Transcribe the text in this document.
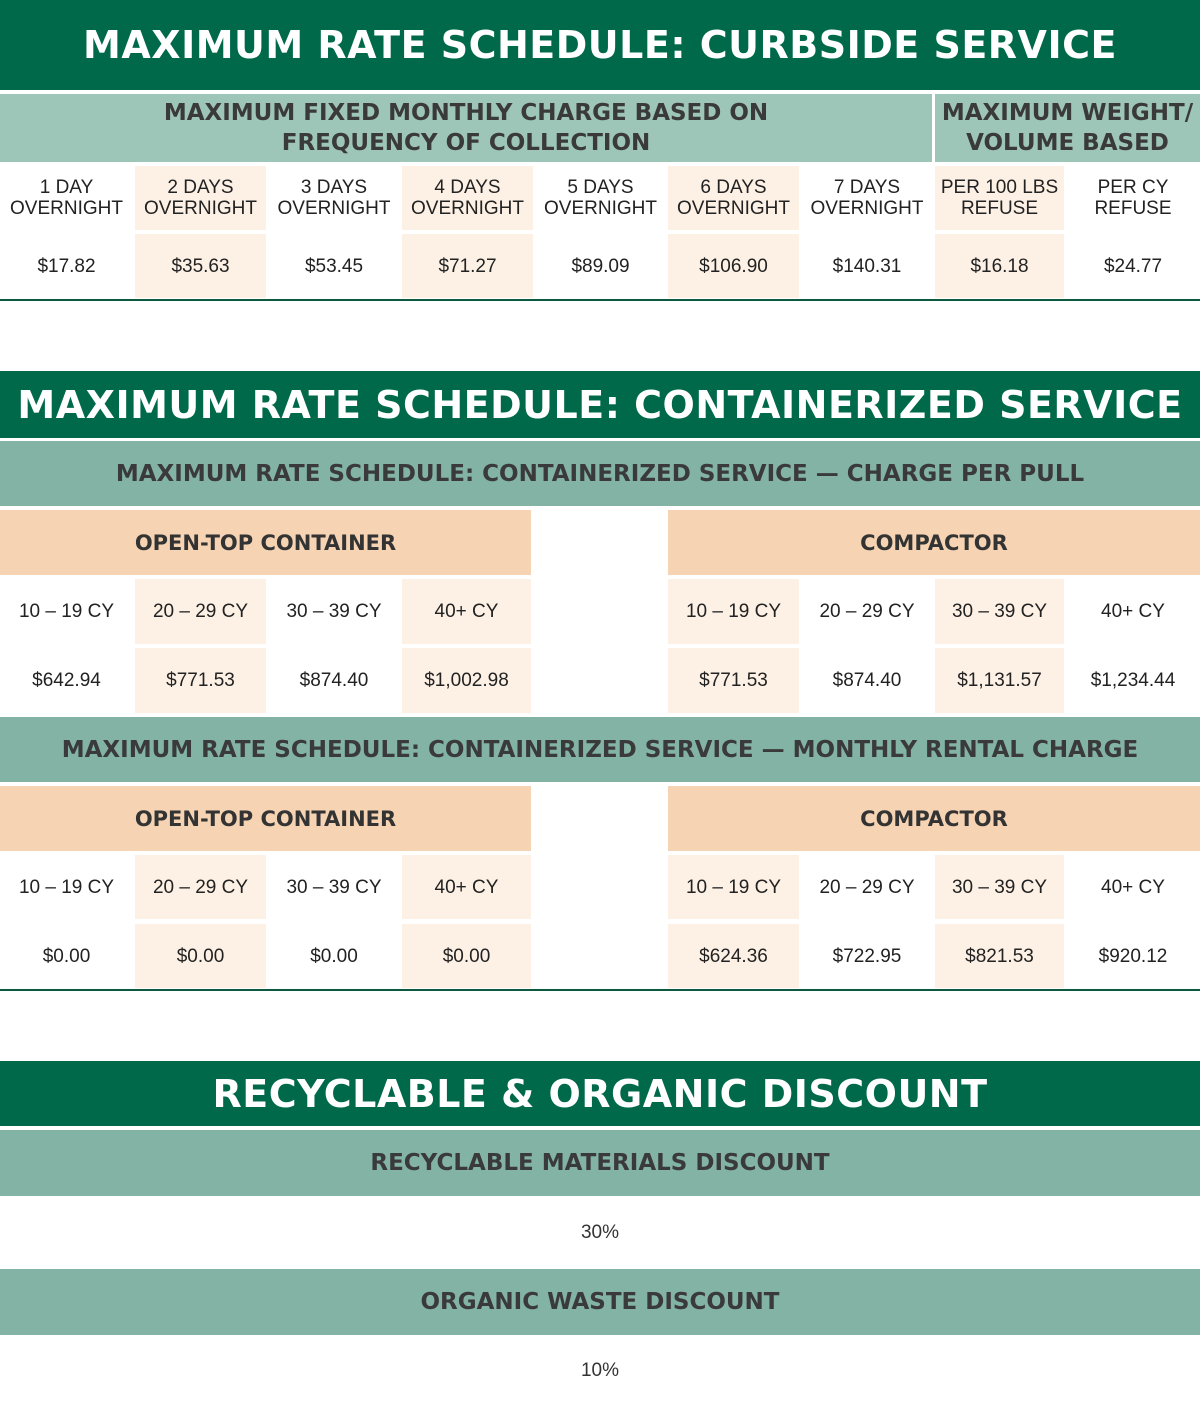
MAXIMUM RATE SCHEDULE: CURBSIDE SERVICE
MAXIMUM FIXED MONTHLY CHARGE BASED ON FREQUENCY OF COLLECTION
MAXIMUM WEIGHT/ VOLUME BASED
1 DAY OVERNIGHT
$17.82
2 DAYS OVERNIGHT
$35.63
3 DAYS OVERNIGHT
$53.45
4 DAYS OVERNIGHT
$71.27
5 DAYS OVERNIGHT
$89.09
6 DAYS OVERNIGHT
$106.90
7 DAYS OVERNIGHT
$140.31
PER 100 LBS REFUSE
$16.18
PER CY REFUSE
$24.77
MAXIMUM RATE SCHEDULE: CONTAINERIZED SERVICE
MAXIMUM RATE SCHEDULE: CONTAINERIZED SERVICE — CHARGE PER PULL
OPEN-TOP CONTAINER	COMPACTOR
10 – 19 CY
$642.94
20 – 29 CY
$771.53
30 – 39 CY
$874.40
40+ CY
$1,002.98
10 – 19 CY
$771.53
20 – 29 CY
$874.40
30 – 39 CY
$1,131.57
40+ CY
$1,234.44
MAXIMUM RATE SCHEDULE: CONTAINERIZED SERVICE — MONTHLY RENTAL CHARGE
OPEN-TOP CONTAINER	COMPACTOR
10 – 19 CY
$0.00
20 – 29 CY
$0.00
30 – 39 CY
$0.00
40+ CY
$0.00
10 – 19 CY
$624.36
20 – 29 CY
$722.95
30 – 39 CY
$821.53
40+ CY
$920.12
RECYCLABLE & ORGANIC DISCOUNT
RECYCLABLE MATERIALS DISCOUNT
30%
ORGANIC WASTE DISCOUNT
10%
